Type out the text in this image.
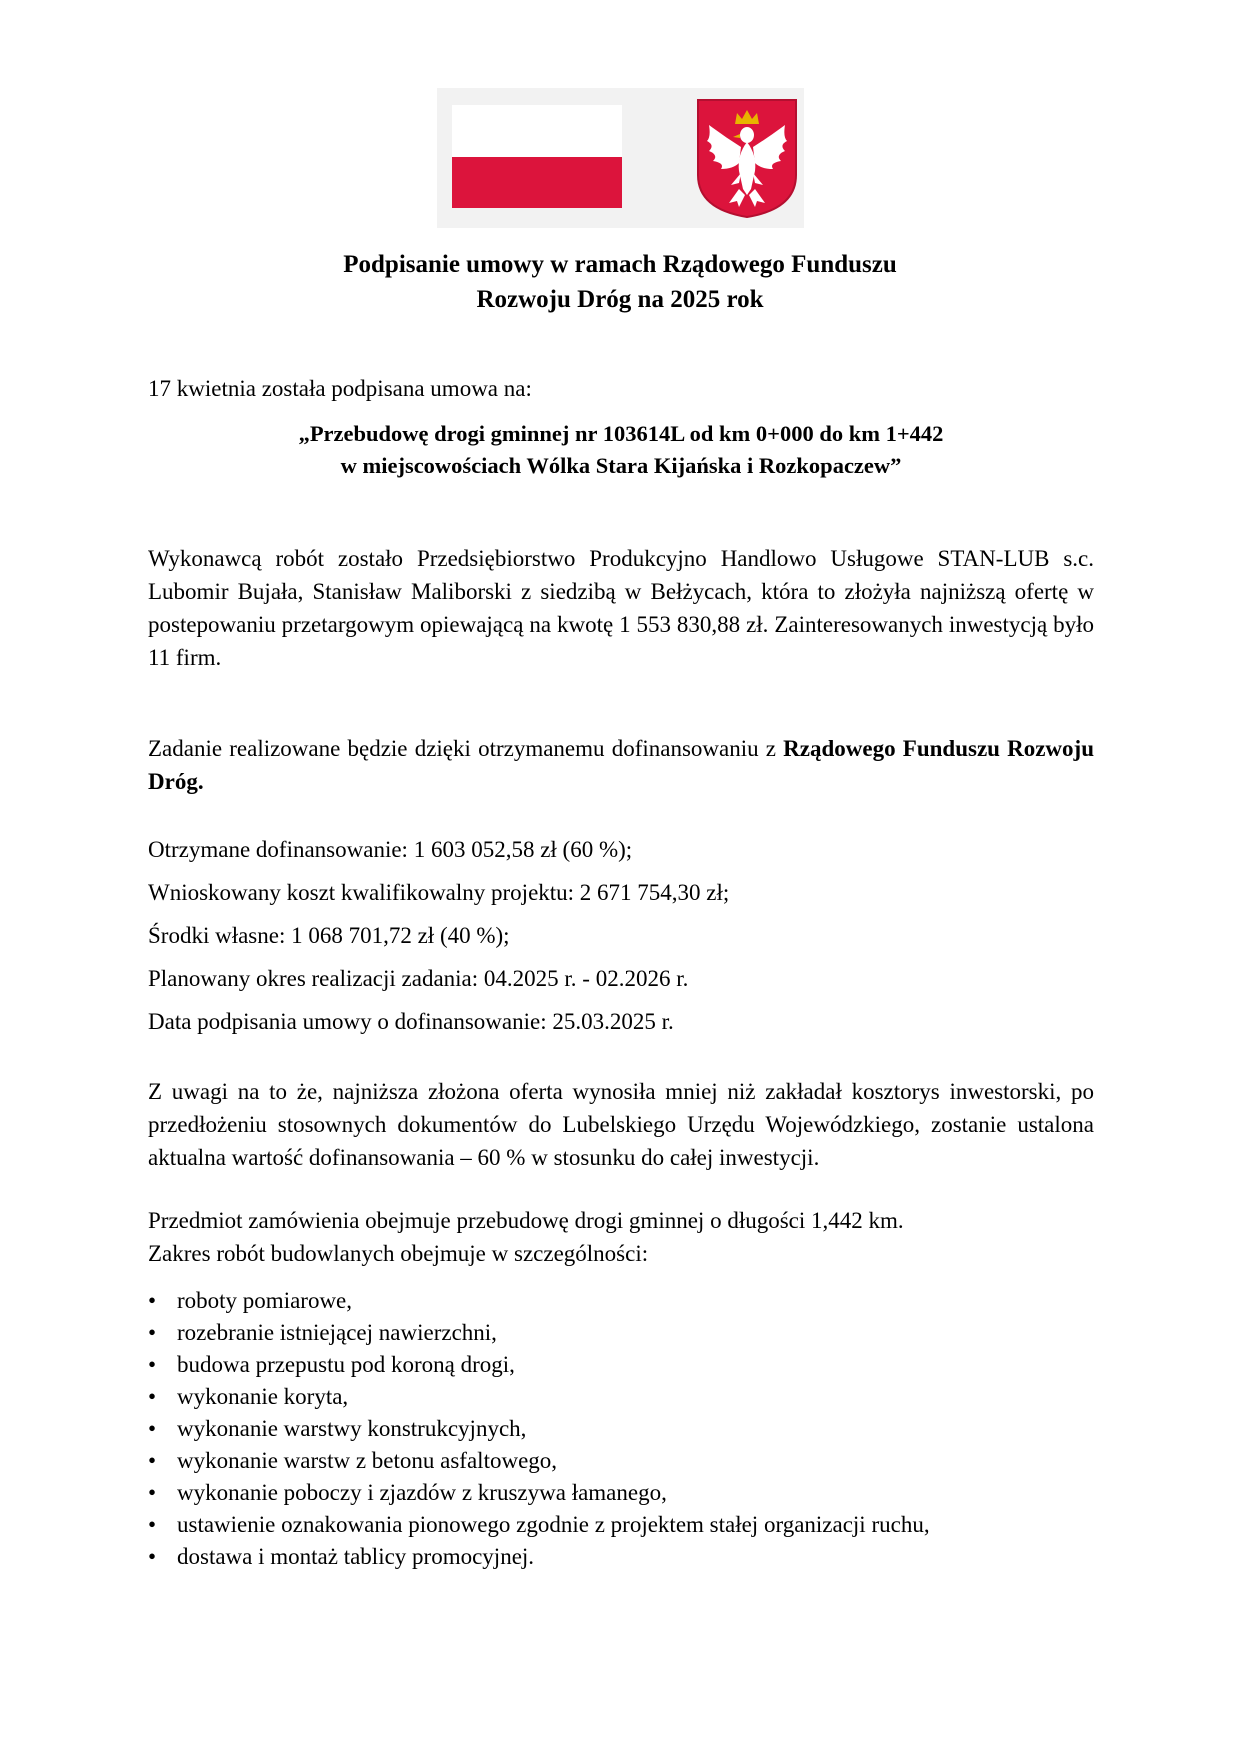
Podpisanie umowy w ramach Rządowego Funduszu
Rozwoju Dróg na 2025 rok
17 kwietnia została podpisana umowa na:
„Przebudowę drogi gminnej nr 103614L od km 0+000 do km 1+442
w miejscowościach Wólka Stara Kijańska i Rozkopaczew”
Wykonawcą robót zostało Przedsiębiorstwo Produkcyjno Handlowo Usługowe STAN-LUB s.c. Lubomir Bujała, Stanisław Maliborski z siedzibą w Bełżycach, która to złożyła najniższą ofertę w postepowaniu przetargowym opiewającą na kwotę 1 553 830,88 zł. Zainteresowanych inwestycją było 11 firm.
Zadanie realizowane będzie dzięki otrzymanemu dofinansowaniu z Rządowego Funduszu Rozwoju Dróg.
Otrzymane dofinansowanie: 1 603 052,58 zł (60 %);
Wnioskowany koszt kwalifikowalny projektu: 2 671 754,30 zł;
Środki własne: 1 068 701,72 zł (40 %);
Planowany okres realizacji zadania: 04.2025 r. - 02.2026 r.
Data podpisania umowy o dofinansowanie: 25.03.2025 r.
Z uwagi na to że, najniższa złożona oferta wynosiła mniej niż zakładał kosztorys inwestorski, po przedłożeniu stosownych dokumentów do Lubelskiego Urzędu Wojewódzkiego, zostanie ustalona aktualna wartość dofinansowania – 60 % w stosunku do całej inwestycji.
Przedmiot zamówienia obejmuje przebudowę drogi gminnej o długości 1,442 km.
Zakres robót budowlanych obejmuje w szczególności:
• roboty pomiarowe,
• rozebranie istniejącej nawierzchni,
• budowa przepustu pod koroną drogi,
• wykonanie koryta,
• wykonanie warstwy konstrukcyjnych,
• wykonanie warstw z betonu asfaltowego,
• wykonanie poboczy i zjazdów z kruszywa łamanego,
• ustawienie oznakowania pionowego zgodnie z projektem stałej organizacji ruchu,
• dostawa i montaż tablicy promocyjnej.
